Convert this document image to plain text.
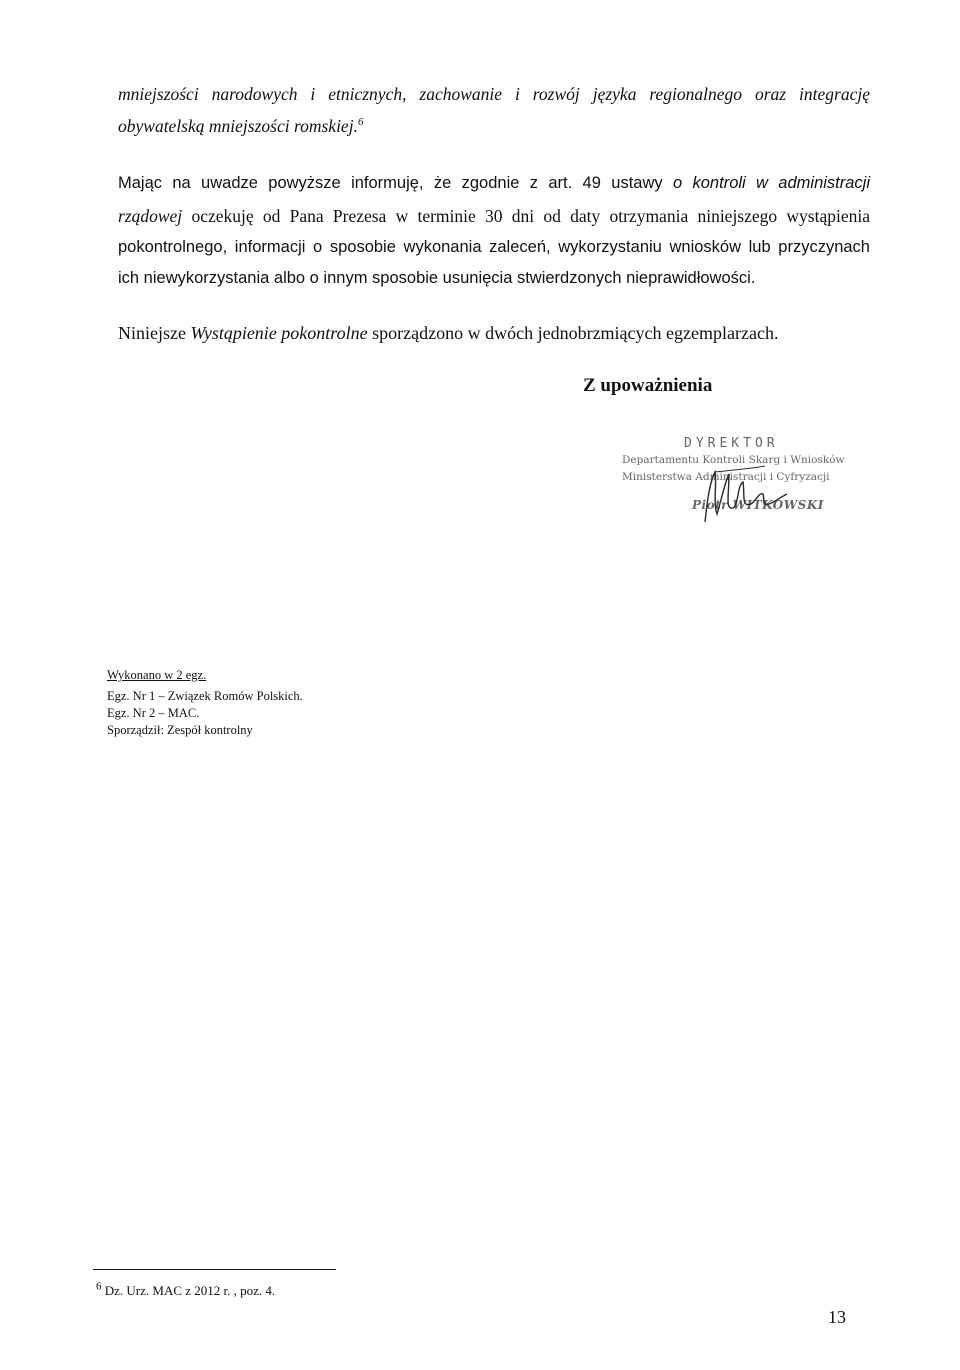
mniejszości narodowych i etnicznych, zachowanie i rozwój języka regionalnego oraz integrację
obywatelską mniejszości romskiej.$^6$
Mając na uwadze powyższe informuję, że zgodnie z art. 49 ustawy o kontroli w administracji
rządowej oczekuję od Pana Prezesa w terminie 30 dni od daty otrzymania niniejszego wystąpienia
pokontrolnego, informacji o sposobie wykonania zaleceń, wykorzystaniu wniosków lub przyczynach
ich niewykorzystania albo o innym sposobie usunięcia stwierdzonych nieprawidłowości.
Niniejsze Wystąpienie pokontrolne sporządzono w dwóch jednobrzmiących egzemplarzach.
Z upoważnienia
DYREKTOR
Departamentu Kontroli Skarg i Wniosków
Ministerstwa Administracji i Cyfryzacji
Piotr WITKOWSKI
Wykonano w 2 egz.
Egz. Nr 1 – Związek Romów Polskich.
Egz. Nr 2 – MAC.
Sporządził: Zespół kontrolny
$^6$ Dz. Urz. MAC z 2012 r. , poz. 4.
13
